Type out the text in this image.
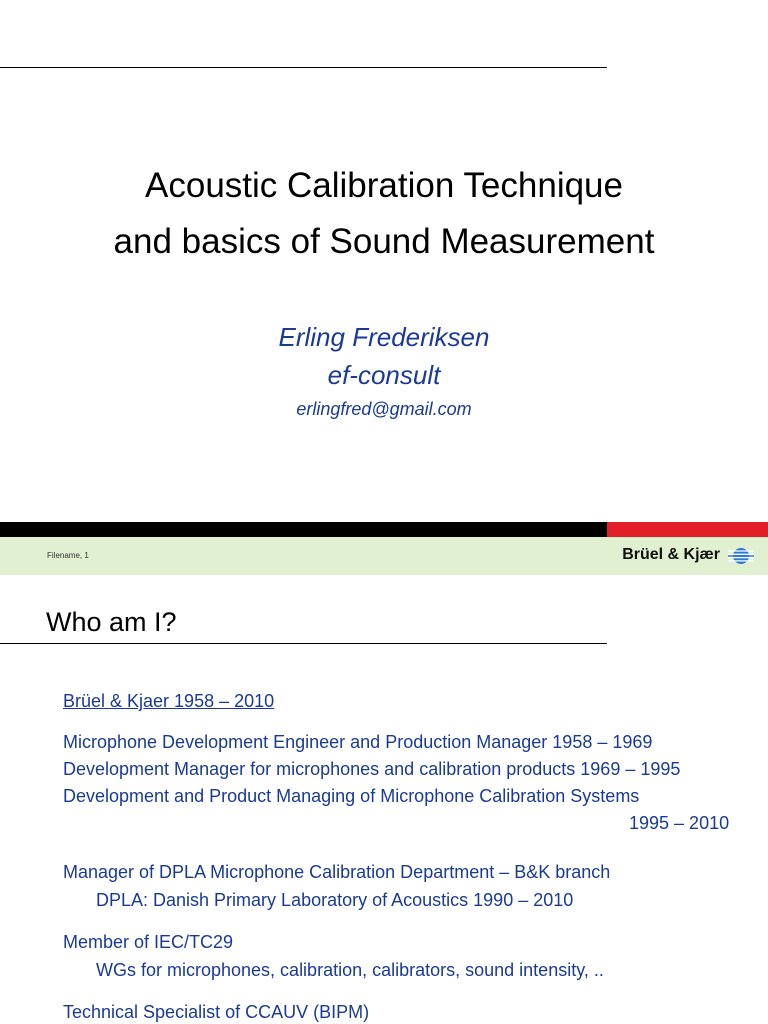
Acoustic Calibration Technique
and basics of Sound Measurement
Erling Frederiksen
ef-consult
erlingfred@gmail.com
Filename, 1	Brüel & Kjær
Who am I?
Brüel & Kjaer 1958 – 2010
Microphone Development Engineer and Production Manager 1958 – 1969
Development Manager for microphones and calibration products 1969 – 1995
Development and Product Managing of Microphone Calibration Systems
1995 – 2010
Manager of DPLA Microphone Calibration Department – B&K branch
DPLA: Danish Primary Laboratory of Acoustics 1990 – 2010
Member of IEC/TC29
WGs for microphones, calibration, calibrators, sound intensity, ..
Technical Specialist of CCAUV (BIPM)
